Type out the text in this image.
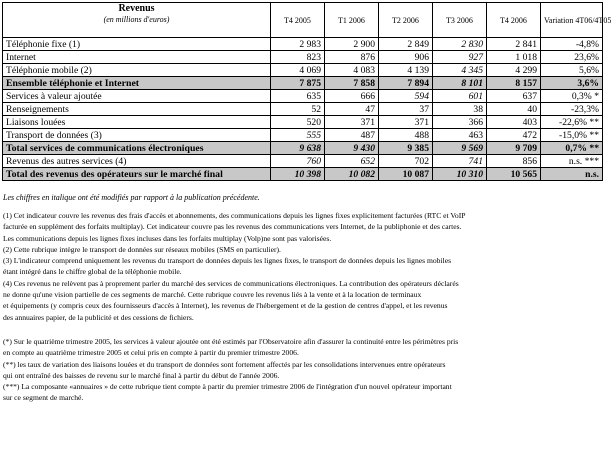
Revenus
(en millions d'euros)	T4 2005	T1 2006	T2 2006	T3 2006	T4 2006	Variation 4T06/4T05
Téléphonie fixe (1)	2 983	2 900	2 849	2 830	2 841	-4,8%
Internet	823	876	906	927	1 018	23,6%
Téléphonie mobile (2)	4 069	4 083	4 139	4 345	4 299	5,6%
Ensemble téléphonie et Internet	7 875	7 858	7 894	8 101	8 157	3,6%
Services à valeur ajoutée	635	666	594	601	637	0,3% *
Renseignements	52	47	37	38	40	-23,3%
Liaisons louées	520	371	371	366	403	-22,6% **
Transport de données (3)	555	487	488	463	472	-15,0% **
Total services de communications électroniques	9 638	9 430	9 385	9 569	9 709	0,7% **
Revenus des autres services (4)	760	652	702	741	856	n.s. ***
Total des revenus des opérateurs sur le marché final	10 398	10 082	10 087	10 310	10 565	n.s.
Les chiffres en italique ont été modifiés par rapport à la publication précédente.

(1) Cet indicateur couvre les revenus des frais d'accès et abonnements, des communications depuis les lignes fixes explicitement facturées (RTC et VoIP

facturée en supplément des forfaits multiplay). Cet indicateur couvre pas les revenus des communications vers Internet, de la publiphonie et des cartes.

Les communications depuis les lignes fixes incluses dans les forfaits multiplay (Volp)ne sont pas valorisées.

(2) Cette rubrique intègre le transport de données sur réseaux mobiles (SMS en particulier).

(3) L'indicateur comprend uniquement les revenus du transport de données depuis les lignes fixes, le transport de données depuis les lignes mobiles

étant intégré dans le chiffre global de la téléphonie mobile.

(4) Ces revenus ne relèvent pas à proprement parler du marché des services de communications électroniques. La contribution des opérateurs déclarés

ne donne qu'une vision partielle de ces segments de marché. Cette rubrique couvre les revenus liés à la vente et à la location de terminaux

et équipements (y compris ceux des fournisseurs d'accès à Internet), les revenus de l'hébergement et de la gestion de centres d'appel, et les revenus

des annuaires papier, de la publicité et des cessions de fichiers.

(*) Sur le quatrième trimestre 2005, les services à valeur ajoutée ont été estimés par l'Observatoire afin d'assurer la continuité entre les périmètres pris

en compte au quatrième trimestre 2005 et celui pris en compte à partir du premier trimestre 2006.

(**) les taux de variation des liaisons louées et du transport de données sont fortement affectés par les consolidations intervenues entre opérateurs

qui ont entraîné des baisses de revenu sur le marché final à partir du début de l'année 2006.

(***) La composante «annuaires » de cette rubrique tient compte à partir du premier trimestre 2006 de l'intégration d'un nouvel opérateur important

sur ce segment de marché.
